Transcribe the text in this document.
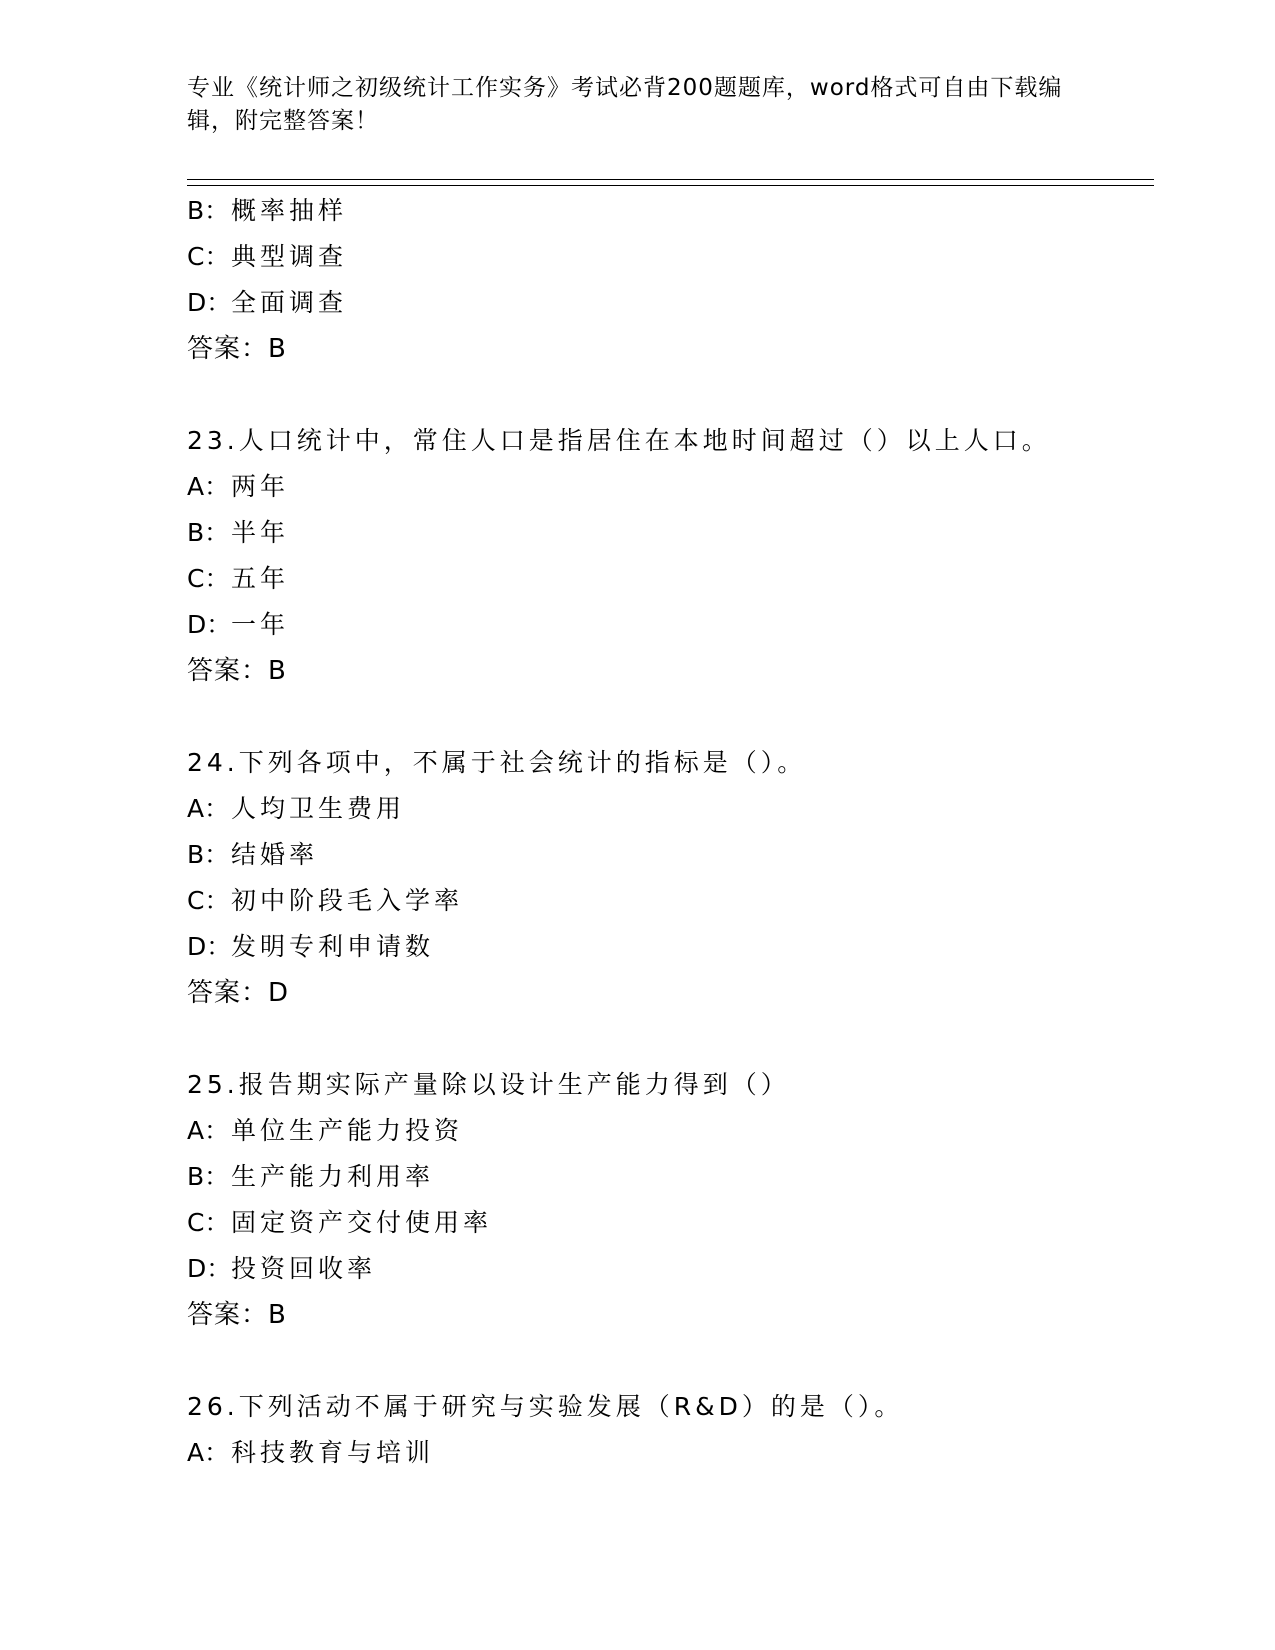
专业《统计师之初级统计工作实务》考试必背200题题库，word格式可自由下载编辑，附完整答案！
B：概率抽样
C：典型调查
D：全面调查
答案：B
23.人口统计中，常住人口是指居住在本地时间超过（）以上人口。
A：两年
B：半年
C：五年
D：一年
答案：B
24.下列各项中，不属于社会统计的指标是（）。
A：人均卫生费用
B：结婚率
C：初中阶段毛入学率
D：发明专利申请数
答案：D
25.报告期实际产量除以设计生产能力得到（）
A：单位生产能力投资
B：生产能力利用率
C：固定资产交付使用率
D：投资回收率
答案：B
26.下列活动不属于研究与实验发展（R&D）的是（）。
A：科技教育与培训
